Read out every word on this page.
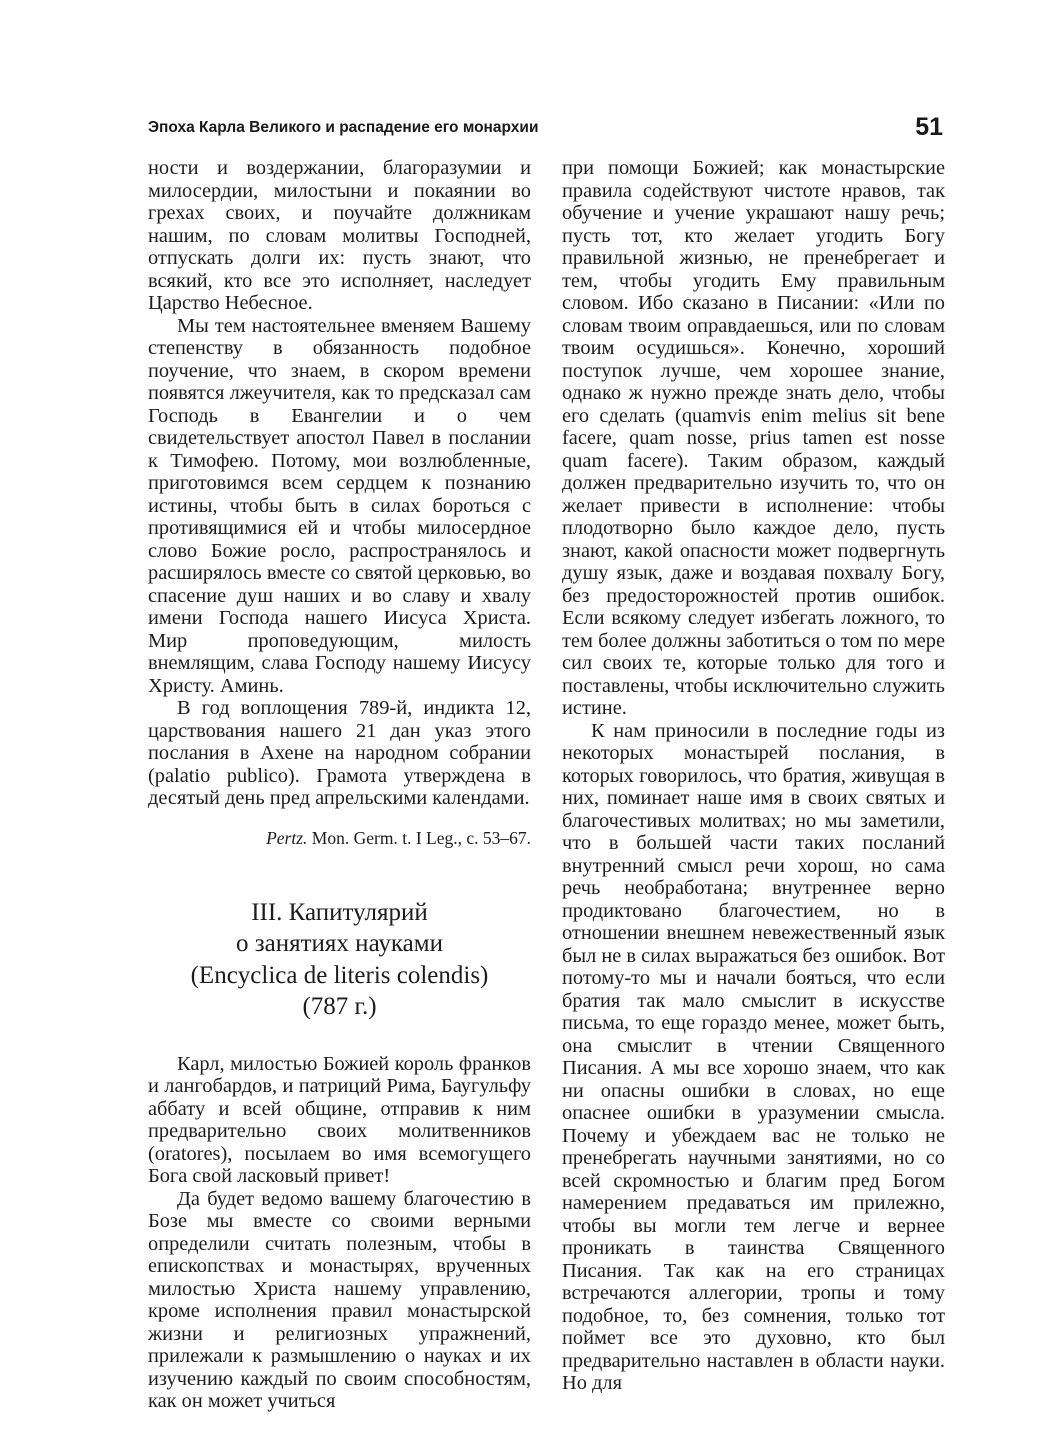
Эпоха Карла Великого и распадение его монархии	51

ности и воздержании, благоразумии и милосердии, милостыни и покаянии во грехах своих, и поучайте должникам нашим, по словам молитвы Господней, отпускать долги их: пусть знают, что всякий, кто все это исполняет, наследует Царство Небесное.

Мы тем настоятельнее вменяем Вашему степенству в обязанность подобное поучение, что знаем, в скором времени появятся лжеучителя, как то предсказал сам Господь в Евангелии и о чем свидетельствует апостол Павел в послании к Тимофею. Потому, мои возлюбленные, приготовимся всем сердцем к познанию истины, чтобы быть в силах бороться с противящимися ей и чтобы милосердное слово Божие росло, распространялось и расширялось вместе со святой церковью, во спасение душ наших и во славу и хвалу имени Господа нашего Иисуса Христа. Мир проповедующим, милость внемлящим, слава Господу нашему Иисусу Христу. Аминь.

В год воплощения 789-й, индикта 12, царствования нашего 21 дан указ этого послания в Ахене на народном собрании (palatio publico). Грамота утверждена в десятый день пред апрельскими календами.

Pertz. Mon. Germ. t. I Leg., c. 53–67.
III. Капитулярий
о занятиях науками
(Encyclica de literis colendis)
(787 г.)

Карл, милостью Божией король франков и лангобардов, и патриций Рима, Баугульфу аббату и всей общине, отправив к ним предварительно своих молитвенников (oratores), посылаем во имя всемогущего Бога свой ласковый привет!

Да будет ведомо вашему благочестию в Бозе мы вместе со своими верными определили считать полезным, чтобы в епископствах и монастырях, врученных милостью Христа нашему управлению, кроме исполнения правил монастырской жизни и религиозных упражнений, прилежали к размышлению о науках и их изучению каждый по своим способностям, как он может учиться

при помощи Божией; как монастырские правила содействуют чистоте нравов, так обучение и учение украшают нашу речь; пусть тот, кто желает угодить Богу правильной жизнью, не пренебрегает и тем, чтобы угодить Ему правильным словом. Ибо сказано в Писании: «Или по словам твоим оправдаешься, или по словам твоим осудишься». Конечно, хороший поступок лучше, чем хорошее знание, однако ж нужно прежде знать дело, чтобы его сделать (quamvis enim melius sit bene facere, quam nosse, prius tamen est nosse quam facere). Таким образом, каждый должен предварительно изучить то, что он желает привести в исполнение: чтобы плодотворно было каждое дело, пусть знают, какой опасности может подвергнуть душу язык, даже и воздавая похвалу Богу, без предосторожностей против ошибок. Если всякому следует избегать ложного, то тем более должны заботиться о том по мере сил своих те, которые только для того и поставлены, чтобы исключительно служить истине.

К нам приносили в последние годы из некоторых монастырей послания, в которых говорилось, что братия, живущая в них, поминает наше имя в своих святых и благочестивых молитвах; но мы заметили, что в большей части таких посланий внутренний смысл речи хорош, но сама речь необработана; внутреннее верно продиктовано благочестием, но в отношении внешнем невежественный язык был не в силах выражаться без ошибок. Вот потому-то мы и начали бояться, что если братия так мало смыслит в искусстве письма, то еще гораздо менее, может быть, она смыслит в чтении Священного Писания. А мы все хорошо знаем, что как ни опасны ошибки в словах, но еще опаснее ошибки в уразумении смысла. Почему и убеждаем вас не только не пренебрегать научными занятиями, но со всей скромностью и благим пред Богом намерением предаваться им прилежно, чтобы вы могли тем легче и вернее проникать в таинства Священного Писания. Так как на его страницах встречаются аллегории, тропы и тому подобное, то, без сомнения, только тот поймет все это духовно, кто был предварительно наставлен в области науки. Но для
